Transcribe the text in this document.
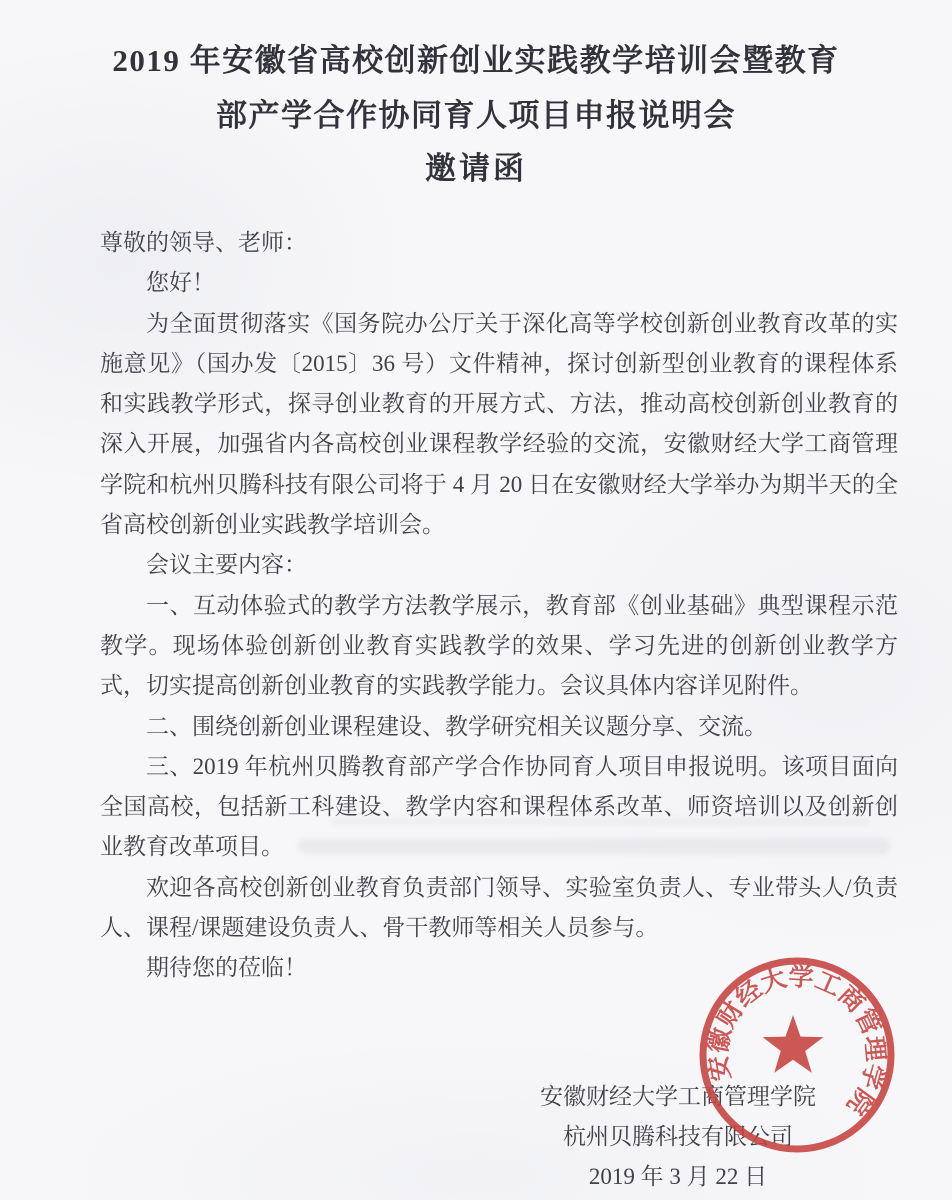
2019 年安徽省高校创新创业实践教学培训会暨教育
部产学合作协同育人项目申报说明会
邀请函

尊敬的领导、老师：

您好！

为全面贯彻落实《国务院办公厅关于深化高等学校创新创业教育改革的实施意见》（国办发〔2015〕36 号）文件精神，探讨创新型创业教育的课程体系和实践教学形式，探寻创业教育的开展方式、方法，推动高校创新创业教育的深入开展，加强省内各高校创业课程教学经验的交流，安徽财经大学工商管理学院和杭州贝腾科技有限公司将于 4 月 20 日在安徽财经大学举办为期半天的全省高校创新创业实践教学培训会。

会议主要内容：

一、互动体验式的教学方法教学展示，教育部《创业基础》典型课程示范教学。现场体验创新创业教育实践教学的效果、学习先进的创新创业教学方式，切实提高创新创业教育的实践教学能力。会议具体内容详见附件。

二、围绕创新创业课程建设、教学研究相关议题分享、交流。

三、2019 年杭州贝腾教育部产学合作协同育人项目申报说明。该项目面向全国高校，包括新工科建设、教学内容和课程体系改革、师资培训以及创新创业教育改革项目。

欢迎各高校创新创业教育负责部门领导、实验室负责人、专业带头人/负责人、课程/课题建设负责人、骨干教师等相关人员参与。

期待您的莅临！

安徽财经大学工商管理学院
杭州贝腾科技有限公司
2019 年 3 月 22 日
安徽财经大学工商管理学院
